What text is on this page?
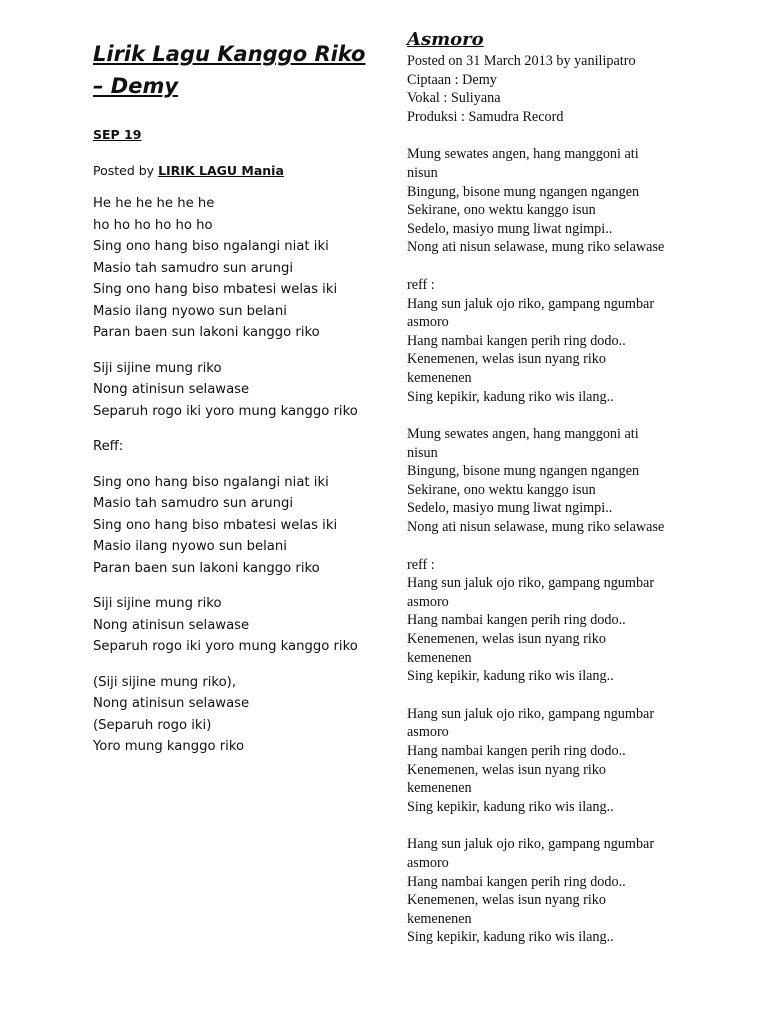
Lirik Lagu Kanggo Riko – Demy
SEP 19
Posted by LIRIK LAGU Mania
He he he he he he
ho ho ho ho ho ho
Sing ono hang biso ngalangi niat iki
Masio tah samudro sun arungi
Sing ono hang biso mbatesi welas iki
Masio ilang nyowo sun belani
Paran baen sun lakoni kanggo riko
Siji sijine mung riko
Nong atinisun selawase
Separuh rogo iki yoro mung kanggo riko
Reff:
Sing ono hang biso ngalangi niat iki
Masio tah samudro sun arungi
Sing ono hang biso mbatesi welas iki
Masio ilang nyowo sun belani
Paran baen sun lakoni kanggo riko
Siji sijine mung riko
Nong atinisun selawase
Separuh rogo iki yoro mung kanggo riko
(Siji sijine mung riko),
Nong atinisun selawase
(Separuh rogo iki)
Yoro mung kanggo riko
Asmoro
Posted on 31 March 2013 by yanilipatro
Ciptaan : Demy
Vokal : Suliyana
Produksi : Samudra Record
Mung sewates angen, hang manggoni ati nisun
Bingung, bisone mung ngangen ngangen
Sekirane, ono wektu kanggo isun
Sedelo, masiyo mung liwat ngimpi..
Nong ati nisun selawase, mung riko selawase
reff :
Hang sun jaluk ojo riko, gampang ngumbar asmoro
Hang nambai kangen perih ring dodo..
Kenemenen, welas isun nyang riko kemenenen
Sing kepikir, kadung riko wis ilang..
Mung sewates angen, hang manggoni ati nisun
Bingung, bisone mung ngangen ngangen
Sekirane, ono wektu kanggo isun
Sedelo, masiyo mung liwat ngimpi..
Nong ati nisun selawase, mung riko selawase
reff :
Hang sun jaluk ojo riko, gampang ngumbar asmoro
Hang nambai kangen perih ring dodo..
Kenemenen, welas isun nyang riko kemenenen
Sing kepikir, kadung riko wis ilang..
Hang sun jaluk ojo riko, gampang ngumbar asmoro
Hang nambai kangen perih ring dodo..
Kenemenen, welas isun nyang riko kemenenen
Sing kepikir, kadung riko wis ilang..
Hang sun jaluk ojo riko, gampang ngumbar asmoro
Hang nambai kangen perih ring dodo..
Kenemenen, welas isun nyang riko kemenenen
Sing kepikir, kadung riko wis ilang..
